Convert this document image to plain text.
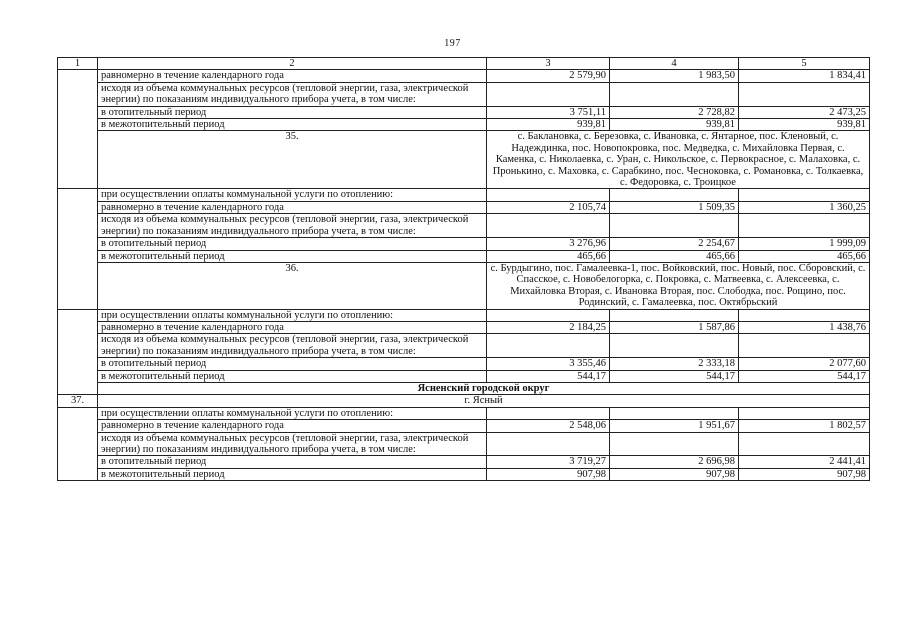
197
1	2	3	4	5
	равномерно в течение календарного года	2 579,90	1 983,50	1 834,41
	исходя из объема коммунальных ресурсов (тепловой энергии, газа, электрической энергии) по показаниям индивидуального прибора учета, в том числе:			
	в отопительный период	3 751,11	2 728,82	2 473,25
	в межотопительный период	939,81	939,81	939,81
	35.	с. Баклановка, с. Березовка, с. Ивановка, с. Янтарное, пос. Кленовый, с. Надеждинка, пос. Новопокровка, пос. Медведка, с. Михайловка Первая, с. Каменка, с. Николаевка, с. Уран, с. Никольское, с. Первокрасное, с. Малаховка, с. Пронькино, с. Маховка, с. Сарабкино, пос. Чесноковка, с. Романовка, с. Толкаевка, с. Федоровка, с. Троицкое		
	при осуществлении оплаты коммунальной услуги по отоплению:			
	равномерно в течение календарного года	2 105,74	1 509,35	1 360,25
	исходя из объема коммунальных ресурсов (тепловой энергии, газа, электрической энергии) по показаниям индивидуального прибора учета, в том числе:			
	в отопительный период	3 276,96	2 254,67	1 999,09
	в межотопительный период	465,66	465,66	465,66
	36.	с. Бурдыгино, пос. Гамалеевка-1, пос. Войковский, пос. Новый, пос. Сборовский, с. Спасское, с. Новобелогорка, с. Покровка, с. Матвеевка, с. Алексеевка, с. Михайловка Вторая, с. Ивановка Вторая, пос. Слободка, пос. Рощино, пос. Родинский, с. Гамалеевка, пос. Октябрьский		
	при осуществлении оплаты коммунальной услуги по отоплению:			
	равномерно в течение календарного года	2 184,25	1 587,86	1 438,76
	исходя из объема коммунальных ресурсов (тепловой энергии, газа, электрической энергии) по показаниям индивидуального прибора учета, в том числе:			
	в отопительный период	3 355,46	2 333,18	2 077,60
	в межотопительный период	544,17	544,17	544,17
	Ясненский городской округ			
37.	г. Ясный			
	при осуществлении оплаты коммунальной услуги по отоплению:			
	равномерно в течение календарного года	2 548,06	1 951,67	1 802,57
	исходя из объема коммунальных ресурсов (тепловой энергии, газа, электрической энергии) по показаниям индивидуального прибора учета, в том числе:			
	в отопительный период	3 719,27	2 696,98	2 441,41
	в межотопительный период	907,98	907,98	907,98
